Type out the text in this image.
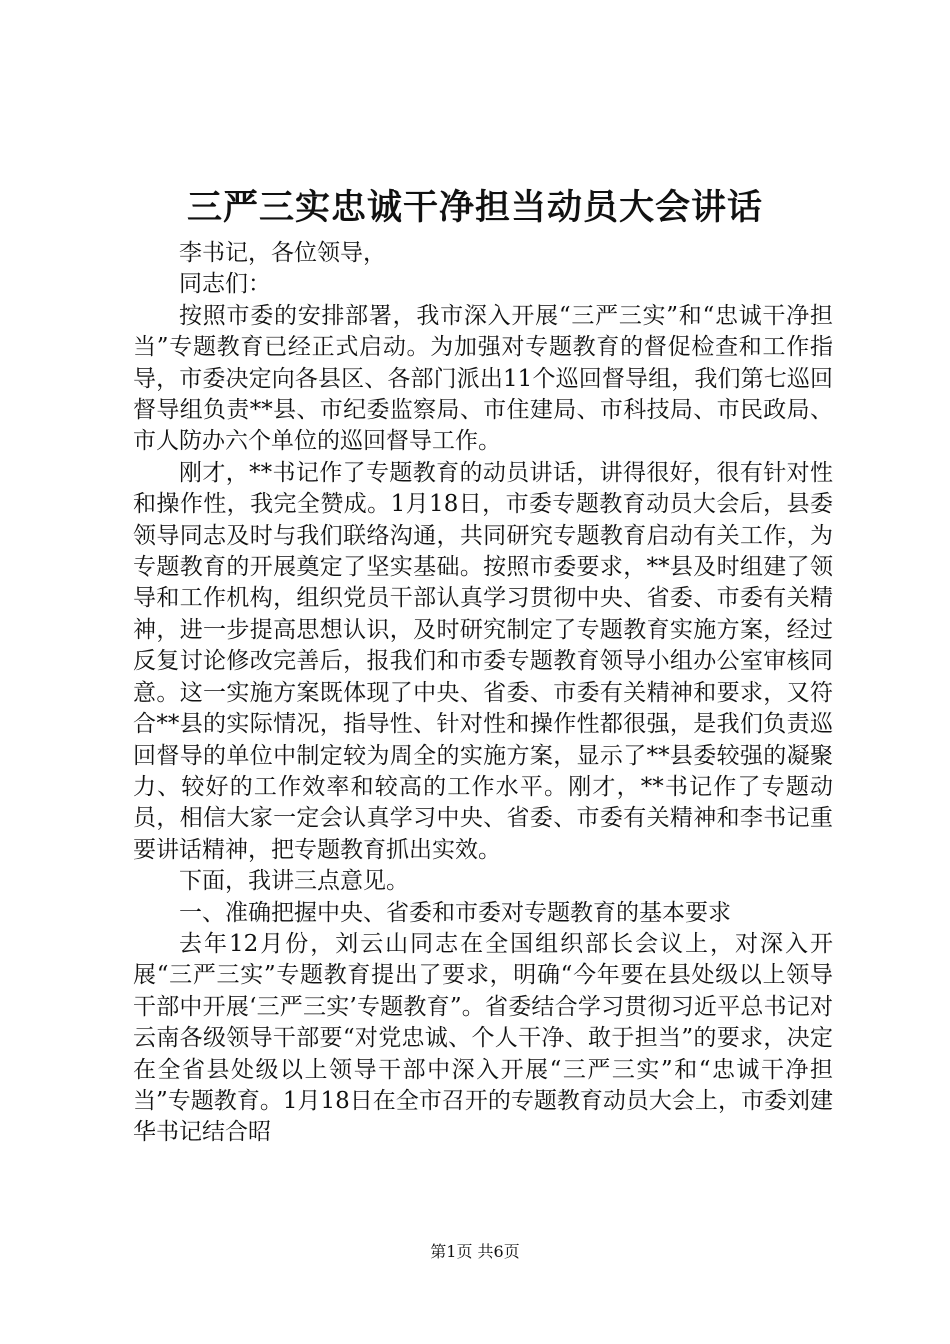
三严三实忠诚干净担当动员大会讲话

李书记，各位领导，

同志们：

按照市委的安排部署，我市深入开展“三严三实”和“忠诚干净担当”专题教育已经正式启动。为加强对专题教育的督促检查和工作指导，市委决定向各县区、各部门派出11个巡回督导组，我们第七巡回督导组负责**县、市纪委监察局、市住建局、市科技局、市民政局、市人防办六个单位的巡回督导工作。

刚才，**书记作了专题教育的动员讲话，讲得很好，很有针对性和操作性，我完全赞成。1月18日，市委专题教育动员大会后，县委领导同志及时与我们联络沟通，共同研究专题教育启动有关工作，为专题教育的开展奠定了坚实基础。按照市委要求，**县及时组建了领导和工作机构，组织党员干部认真学习贯彻中央、省委、市委有关精神，进一步提高思想认识，及时研究制定了专题教育实施方案，经过反复讨论修改完善后，报我们和市委专题教育领导小组办公室审核同意。这一实施方案既体现了中央、省委、市委有关精神和要求，又符合**县的实际情况，指导性、针对性和操作性都很强，是我们负责巡回督导的单位中制定较为周全的实施方案，显示了**县委较强的凝聚力、较好的工作效率和较高的工作水平。刚才，**书记作了专题动员，相信大家一定会认真学习中央、省委、市委有关精神和李书记重要讲话精神，把专题教育抓出实效。

下面，我讲三点意见。

一、准确把握中央、省委和市委对专题教育的基本要求

去年12月份，刘云山同志在全国组织部长会议上，对深入开展“三严三实”专题教育提出了要求，明确“今年要在县处级以上领导干部中开展‘三严三实’专题教育”。省委结合学习贯彻习近平总书记对云南各级领导干部要“对党忠诚、个人干净、敢于担当”的要求，决定在全省县处级以上领导干部中深入开展“三严三实”和“忠诚干净担当”专题教育。1月18日在全市召开的专题教育动员大会上，市委刘建华书记结合昭

第1页 共6页
